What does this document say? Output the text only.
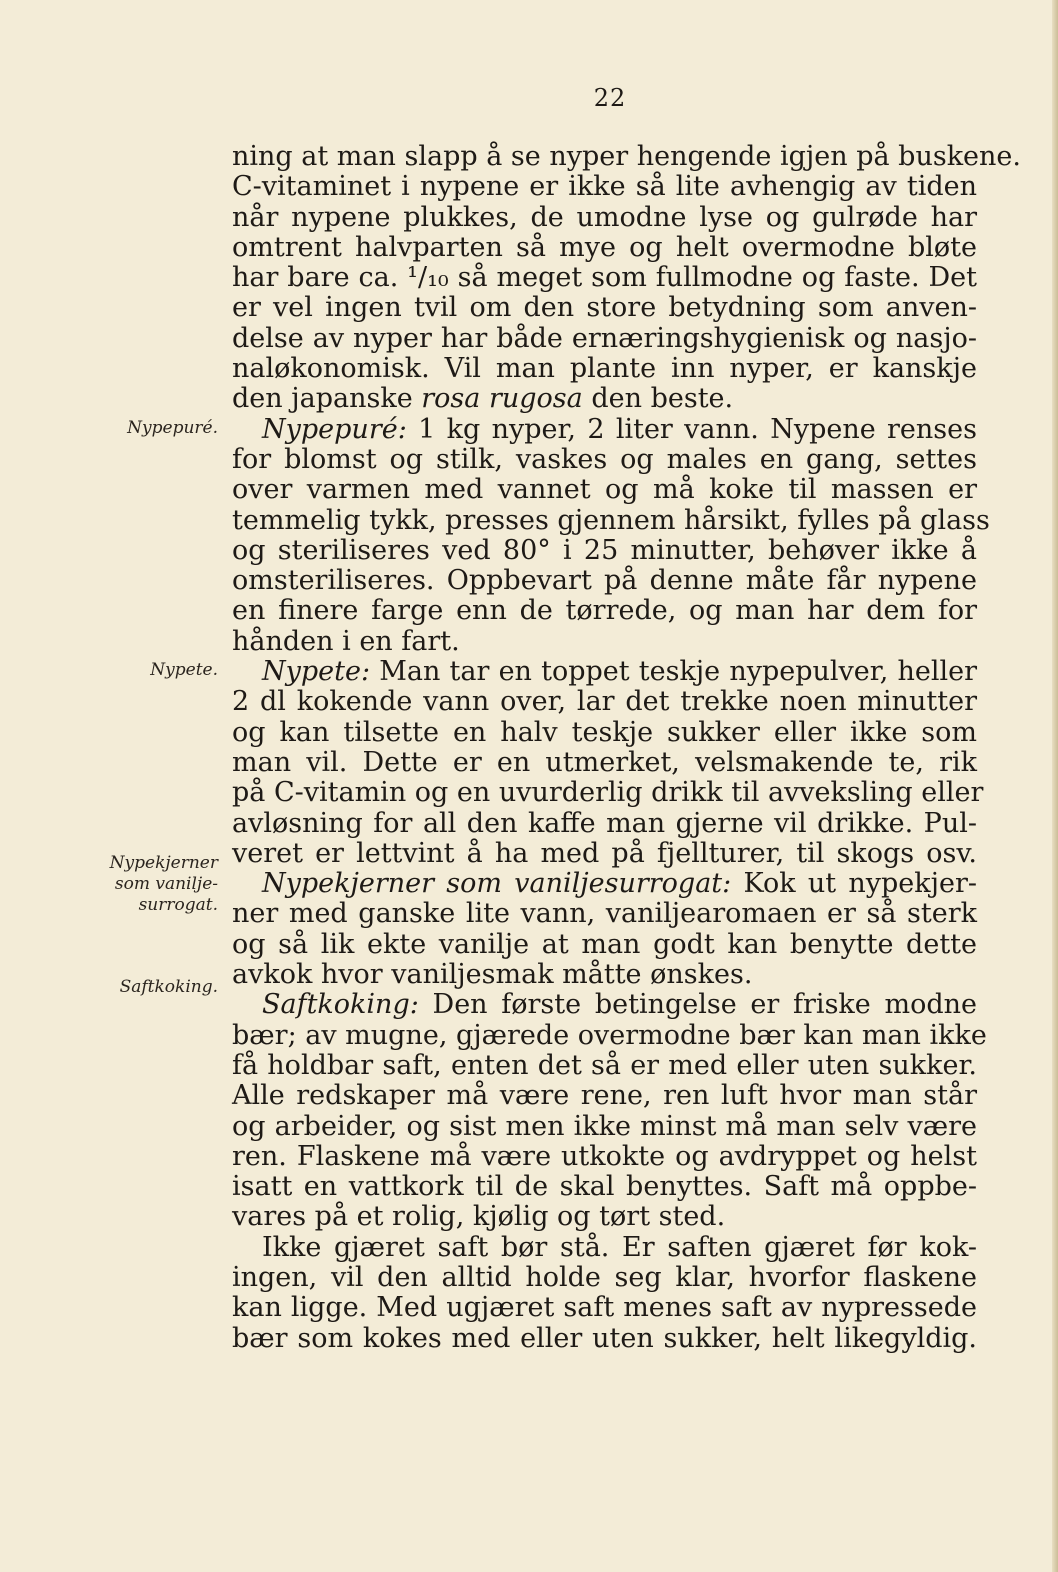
22
Nypepuré.
Nypete.
Nypekjerner
som vanilje-
surrogat.
Saftkoking.
ning at man slapp å se nyper hengende igjen på buskene.
C-vitaminet i nypene er ikke så lite avhengig av tiden
når nypene plukkes, de umodne lyse og gulrøde har
omtrent halvparten så mye og helt overmodne bløte
har bare ca. ¹/₁₀ så meget som fullmodne og faste. Det
er vel ingen tvil om den store betydning som anven-
delse av nyper har både ernæringshygienisk og nasjo-
naløkonomisk. Vil man plante inn nyper, er kanskje
den japanske rosa rugosa den beste.
Nypepuré: 1 kg nyper, 2 liter vann. Nypene renses
for blomst og stilk, vaskes og males en gang, settes
over varmen med vannet og må koke til massen er
temmelig tykk, presses gjennem hårsikt, fylles på glass
og steriliseres ved 80° i 25 minutter, behøver ikke å
omsteriliseres. Oppbevart på denne måte får nypene
en finere farge enn de tørrede, og man har dem for
hånden i en fart.
Nypete: Man tar en toppet teskje nypepulver, heller
2 dl kokende vann over, lar det trekke noen minutter
og kan tilsette en halv teskje sukker eller ikke som
man vil. Dette er en utmerket, velsmakende te, rik
på C-vitamin og en uvurderlig drikk til avveksling eller
avløsning for all den kaffe man gjerne vil drikke. Pul-
veret er lettvint å ha med på fjellturer, til skogs osv.
Nypekjerner som vaniljesurrogat: Kok ut nypekjer-
ner med ganske lite vann, vaniljearomaen er så sterk
og så lik ekte vanilje at man godt kan benytte dette
avkok hvor vaniljesmak måtte ønskes.
Saftkoking: Den første betingelse er friske modne
bær; av mugne, gjærede overmodne bær kan man ikke
få holdbar saft, enten det så er med eller uten sukker.
Alle redskaper må være rene, ren luft hvor man står
og arbeider, og sist men ikke minst må man selv være
ren. Flaskene må være utkokte og avdryppet og helst
isatt en vattkork til de skal benyttes. Saft må oppbe-
vares på et rolig, kjølig og tørt sted.
Ikke gjæret saft bør stå. Er saften gjæret før kok-
ingen, vil den alltid holde seg klar, hvorfor flaskene
kan ligge. Med ugjæret saft menes saft av nypressede
bær som kokes med eller uten sukker, helt likegyldig.
